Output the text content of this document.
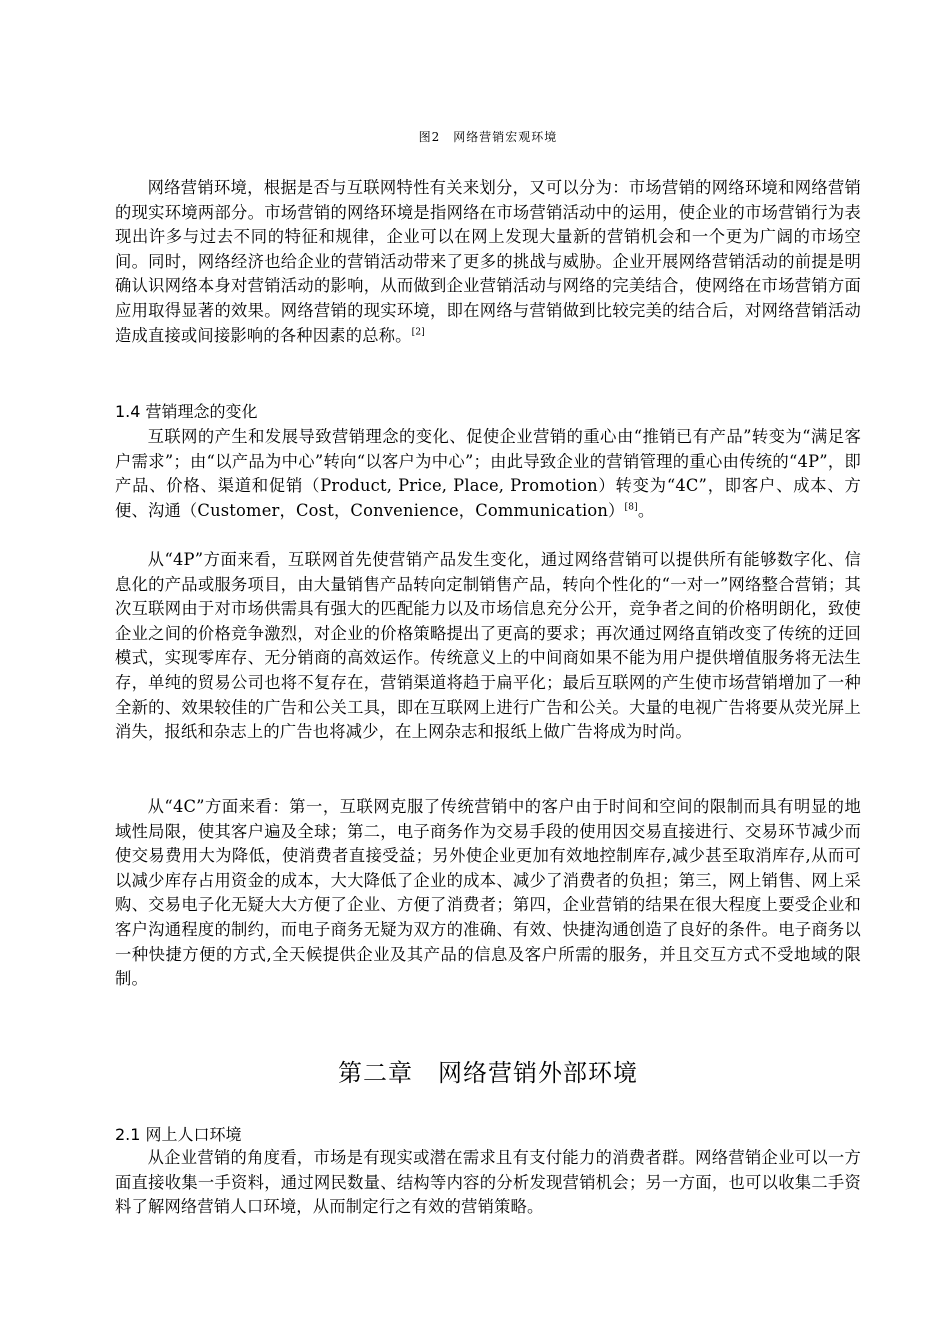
图2　网络营销宏观环境

网络营销环境，根据是否与互联网特性有关来划分，又可以分为：市场营销的网络环境和网络营销的现实环境两部分。市场营销的网络环境是指网络在市场营销活动中的运用，使企业的市场营销行为表现出许多与过去不同的特征和规律，企业可以在网上发现大量新的营销机会和一个更为广阔的市场空间。同时，网络经济也给企业的营销活动带来了更多的挑战与威胁。企业开展网络营销活动的前提是明确认识网络本身对营销活动的影响，从而做到企业营销活动与网络的完美结合，使网络在市场营销方面应用取得显著的效果。网络营销的现实环境，即在网络与营销做到比较完美的结合后，对网络营销活动造成直接或间接影响的各种因素的总称。[2]

1.4 营销理念的变化

互联网的产生和发展导致营销理念的变化、促使企业营销的重心由“推销已有产品”转变为“满足客户需求”；由“以产品为中心”转向“以客户为中心”；由此导致企业的营销管理的重心由传统的“4P”，即产品、价格、渠道和促销（Product, Price, Place, Promotion）转变为“4C”，即客户、成本、方便、沟通（Customer，Cost，Convenience，Communication）[8]。

从“4P”方面来看，互联网首先使营销产品发生变化，通过网络营销可以提供所有能够数字化、信息化的产品或服务项目，由大量销售产品转向定制销售产品，转向个性化的“一对一”网络整合营销；其次互联网由于对市场供需具有强大的匹配能力以及市场信息充分公开，竞争者之间的价格明朗化，致使企业之间的价格竞争激烈，对企业的价格策略提出了更高的要求；再次通过网络直销改变了传统的迂回模式，实现零库存、无分销商的高效运作。传统意义上的中间商如果不能为用户提供增值服务将无法生存，单纯的贸易公司也将不复存在，营销渠道将趋于扁平化；最后互联网的产生使市场营销增加了一种全新的、效果较佳的广告和公关工具，即在互联网上进行广告和公关。大量的电视广告将要从荧光屏上消失，报纸和杂志上的广告也将减少，在上网杂志和报纸上做广告将成为时尚。

从“4C”方面来看：第一，互联网克服了传统营销中的客户由于时间和空间的限制而具有明显的地域性局限，使其客户遍及全球；第二，电子商务作为交易手段的使用因交易直接进行、交易环节减少而使交易费用大为降低，使消费者直接受益；另外使企业更加有效地控制库存,减少甚至取消库存,从而可以减少库存占用资金的成本，大大降低了企业的成本、减少了消费者的负担；第三，网上销售、网上采购、交易电子化无疑大大方便了企业、方便了消费者；第四，企业营销的结果在很大程度上要受企业和客户沟通程度的制约，而电子商务无疑为双方的准确、有效、快捷沟通创造了良好的条件。电子商务以一种快捷方便的方式,全天候提供企业及其产品的信息及客户所需的服务，并且交互方式不受地域的限制。

第二章　网络营销外部环境
2.1 网上人口环境

从企业营销的角度看，市场是有现实或潜在需求且有支付能力的消费者群。网络营销企业可以一方面直接收集一手资料，通过网民数量、结构等内容的分析发现营销机会；另一方面，也可以收集二手资料了解网络营销人口环境，从而制定行之有效的营销策略。
